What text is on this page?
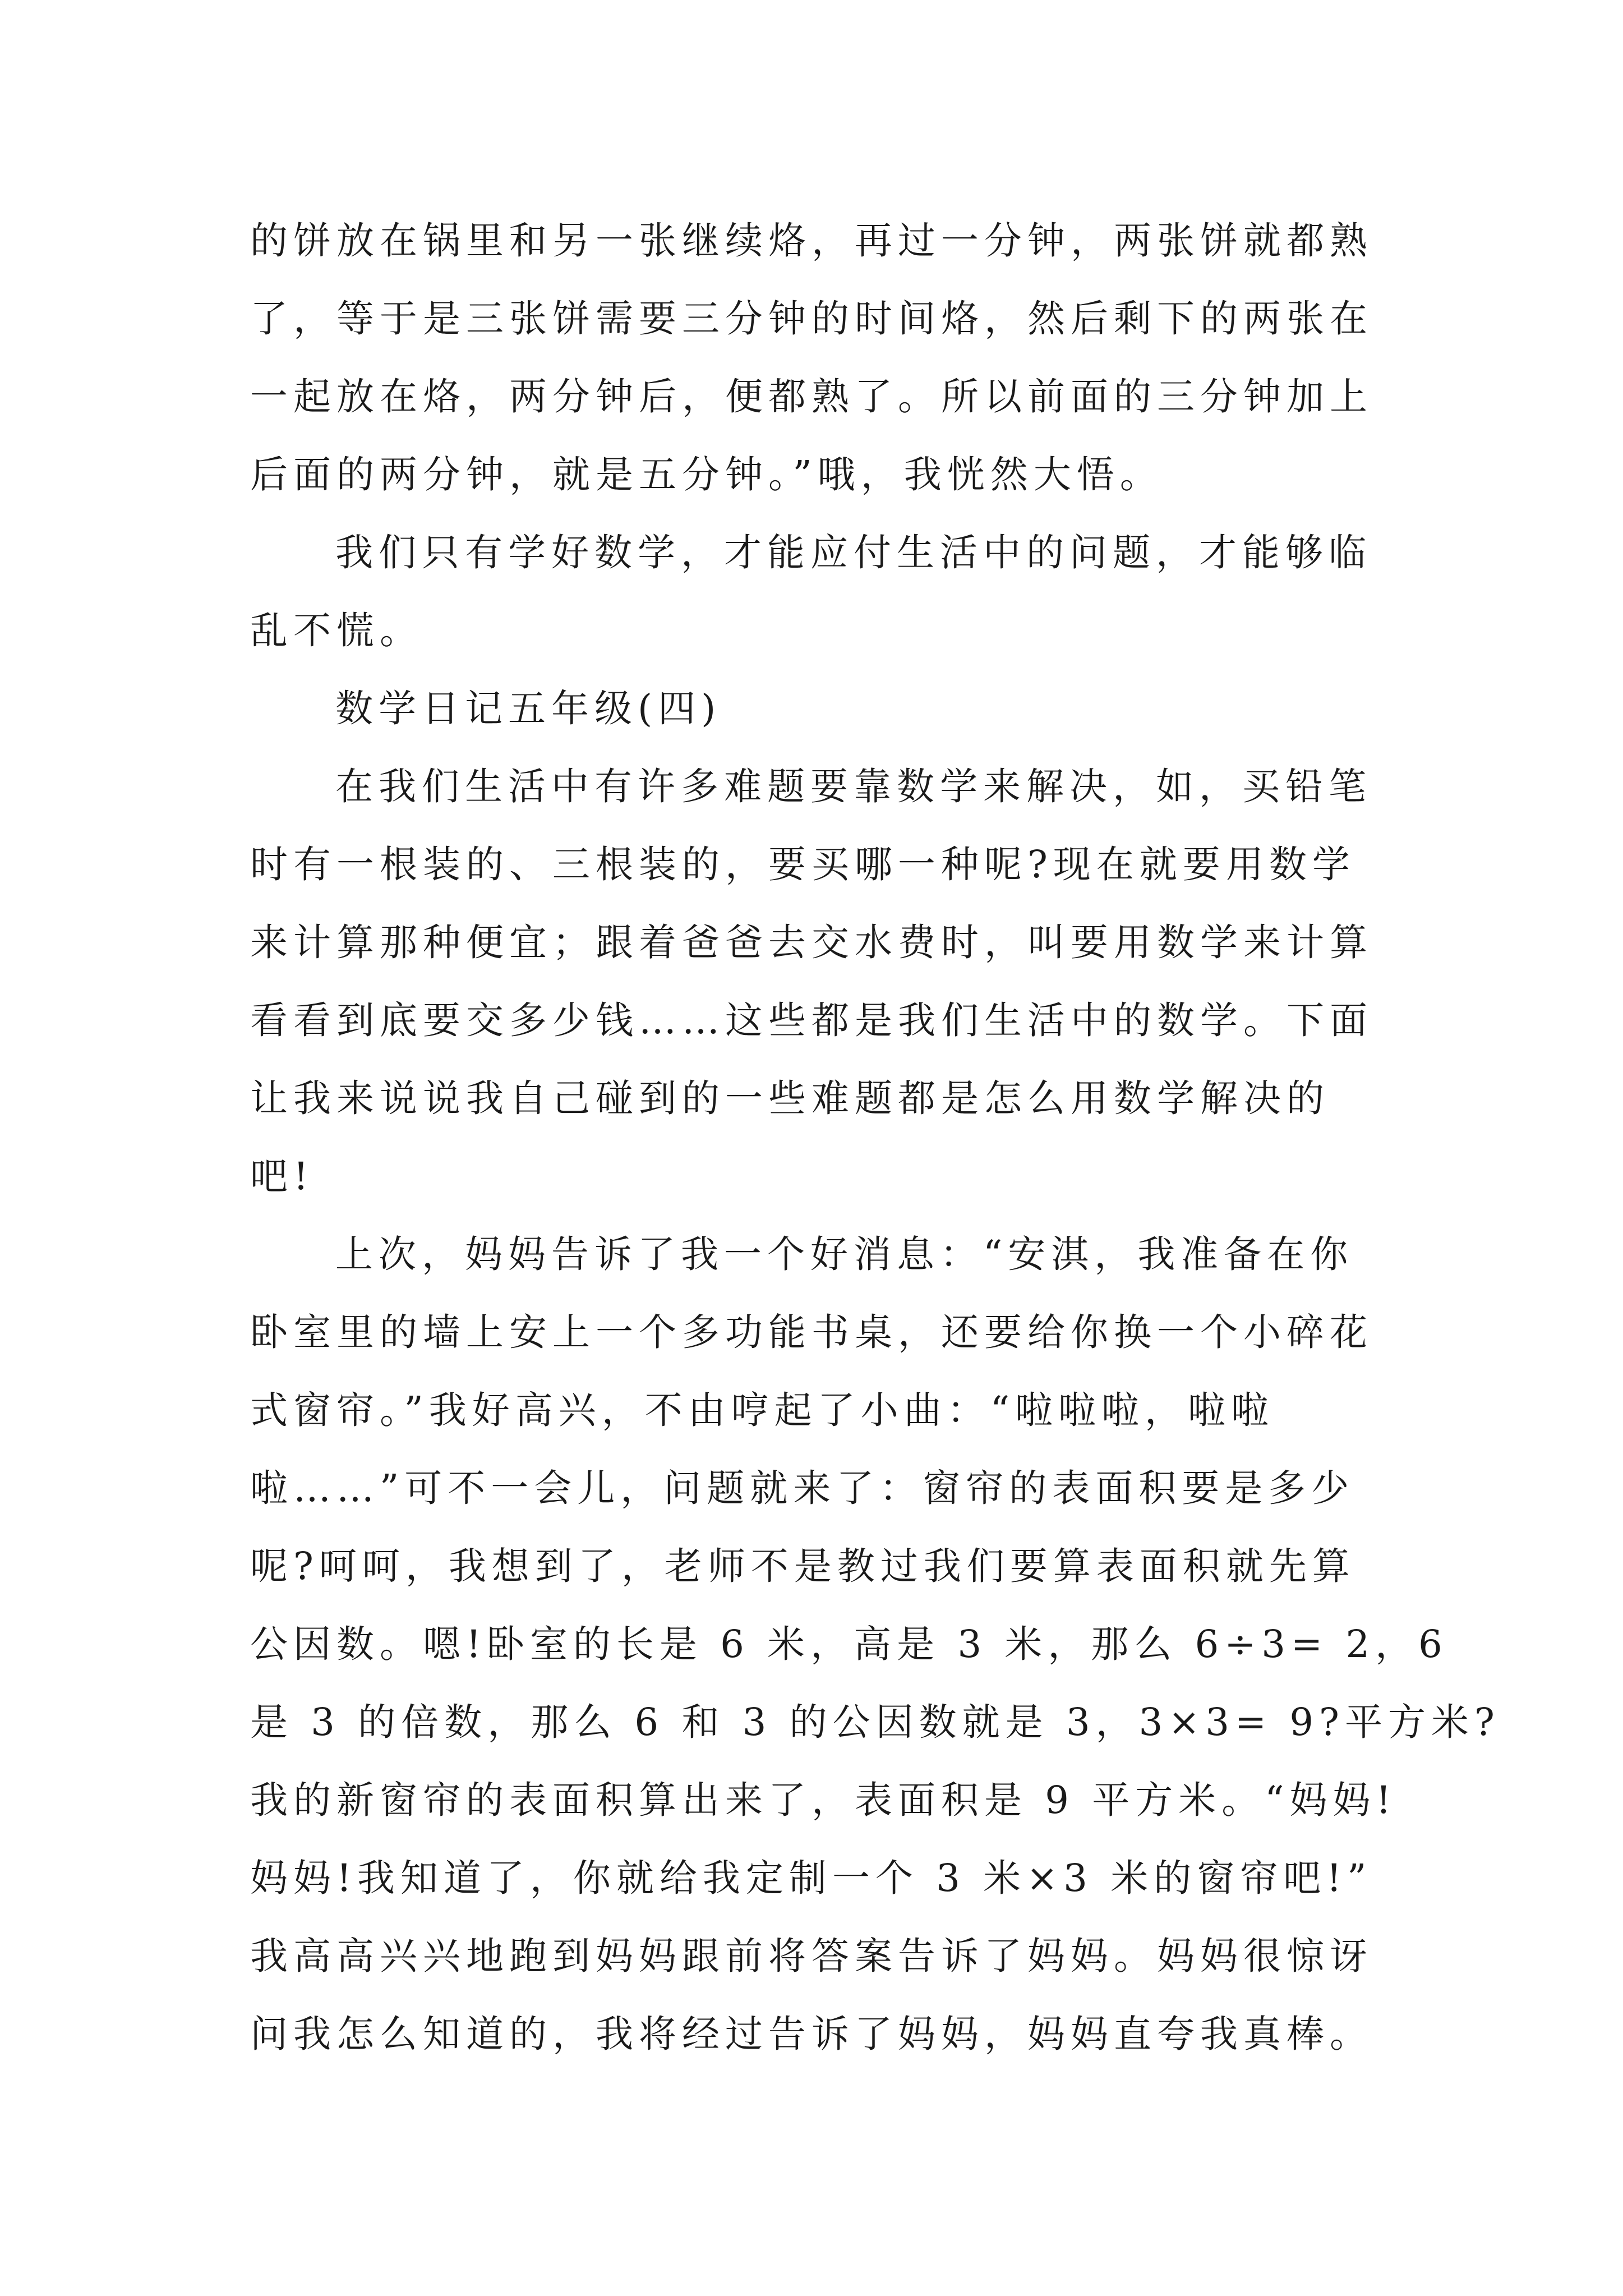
的饼放在锅里和另一张继续烙，再过一分钟，两张饼就都熟
了，等于是三张饼需要三分钟的时间烙，然后剩下的两张在
一起放在烙，两分钟后，便都熟了。所以前面的三分钟加上
后面的两分钟，就是五分钟。”哦，我恍然大悟。

我们只有学好数学，才能应付生活中的问题，才能够临
乱不慌。

数学日记五年级(四)

在我们生活中有许多难题要靠数学来解决，如，买铅笔
时有一根装的、三根装的，要买哪一种呢?现在就要用数学
来计算那种便宜；跟着爸爸去交水费时，叫要用数学来计算
看看到底要交多少钱……这些都是我们生活中的数学。下面
让我来说说我自己碰到的一些难题都是怎么用数学解决的
吧!

上次，妈妈告诉了我一个好消息：“安淇，我准备在你
卧室里的墙上安上一个多功能书桌，还要给你换一个小碎花
式窗帘。”我好高兴，不由哼起了小曲：“啦啦啦，啦啦
啦……”可不一会儿，问题就来了：窗帘的表面积要是多少
呢?呵呵，我想到了，老师不是教过我们要算表面积就先算
公因数。嗯!卧室的长是 6 米，高是 3 米，那么 6÷3= 2，6
是 3 的倍数，那么 6 和 3 的公因数就是 3，3×3= 9?平方米?
我的新窗帘的表面积算出来了，表面积是 9 平方米。“妈妈!
妈妈!我知道了，你就给我定制一个 3 米×3 米的窗帘吧!”
我高高兴兴地跑到妈妈跟前将答案告诉了妈妈。妈妈很惊讶
问我怎么知道的，我将经过告诉了妈妈，妈妈直夸我真棒。
